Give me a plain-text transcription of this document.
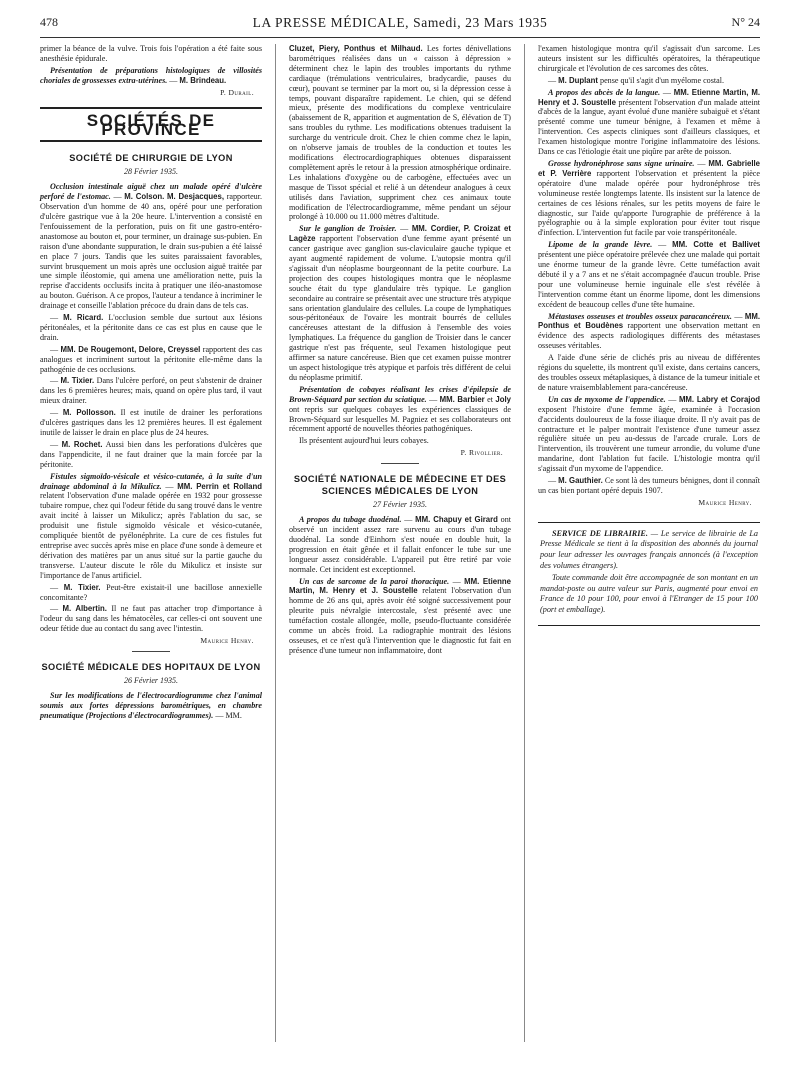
478	LA PRESSE MÉDICALE, Samedi, 23 Mars 1935	N° 24

primer la béance de la vulve. Trois fois l'opération a été faite sous anesthésie épidurale.

Présentation de préparations histologiques de villosités choriales de grossesses extra-utérines. — M. Brindeau.

P. Durail.

SOCIÉTÉS DE PROVINCE
SOCIÉTÉ DE CHIRURGIE DE LYON
28 Février 1935.

Occlusion intestinale aiguë chez un malade opéré d'ulcère perforé de l'estomac. — M. Colson. M. Desjacques, rapporteur. Observation d'un homme de 40 ans, opéré pour une perforation d'ulcère gastrique vue à la 20e heure. L'intervention a consisté en l'enfouissement de la perforation, puis on fit une gastro-entéro-anastomose au bouton et, pour terminer, un drainage sus-pubien. En raison d'une abondante suppuration, le drain sus-pubien a été laissé en place 7 jours. Tandis que les suites paraissaient favorables, survint brusquement un mois après une occlusion aiguë traitée par une simple iléostomie, qui amena une amélioration nette, puis la reprise d'accidents occlusifs incita à pratiquer une iléo-anastomose au bouton. Guérison. A ce propos, l'auteur a tendance à incriminer le drainage et conseille l'ablation précoce du drain dans de tels cas.

— M. Ricard. L'occlusion semble due surtout aux lésions péritonéales, et la péritonite dans ce cas est plus en cause que le drain.

— MM. De Rougemont, Delore, Creyssel rapportent des cas analogues et incriminent surtout la péritonite elle-même dans la pathogénie de ces occlusions.

— M. Tixier. Dans l'ulcère perforé, on peut s'abstenir de drainer dans les 6 premières heures; mais, quand on opère plus tard, il vaut mieux drainer.

— M. Pollosson. Il est inutile de drainer les perforations d'ulcères gastriques dans les 12 premières heures. Il est également inutile de laisser le drain en place plus de 24 heures.

— M. Rochet. Aussi bien dans les perforations d'ulcères que dans l'appendicite, il ne faut drainer que la main forcée par la péritonite.

Fistules sigmoïdo-vésicale et vésico-cutanée, à la suite d'un drainage abdominal à la Mikulicz. — MM. Perrin et Rolland relatent l'observation d'une malade opérée en 1932 pour grossesse tubaire rompue, chez qui l'odeur fétide du sang trouvé dans le ventre avait incité à laisser un Mikulicz; après l'ablation du sac, se produisit une fistule sigmoïdo vésicale et vésico-cutanée, compliquée bientôt de pyélonéphrite. La cure de ces fistules fut entreprise avec succès après mise en place d'une sonde à demeure et dérivation des matières par un anus situé sur la partie gauche du transverse. L'auteur discute le rôle du Mikulicz et insiste sur l'importance de l'anus artificiel.

— M. Tixier. Peut-être existait-il une bacillose annexielle concomitante?

— M. Albertin. Il ne faut pas attacher trop d'importance à l'odeur du sang dans les hématocèles, car celles-ci ont souvent une odeur fétide due au contact du sang avec l'intestin.

Maurice Henry.

SOCIÉTÉ MÉDICALE DES HOPITAUX DE LYON
26 Février 1935.

Sur les modifications de l'électrocardiogramme chez l'animal soumis aux fortes dépressions barométriques, en chambre pneumatique (Projections d'électrocardiogrammes). — MM.

Cluzet, Piery, Ponthus et Milhaud. Les fortes dénivellations barométriques réalisées dans un « caisson à dépression » déterminent chez le lapin des troubles importants du rythme cardiaque (trémulations ventriculaires, bradycardie, pauses du cœur), pouvant se terminer par la mort ou, si la dépression cesse à temps, pouvant disparaître rapidement. Le chien, qui se défend mieux, présente des modifications du complexe ventriculaire (abaissement de R, apparition et augmentation de S, élévation de T) sans troubles du rythme. Les modifications obtenues traduisent la surcharge du ventricule droit. Chez le chien comme chez le lapin, on n'observe jamais de troubles de la conduction et toutes les modifications électrocardiographiques obtenues disparaissent complètement après le retour à la pression atmosphérique ordinaire. Les inhalations d'oxygène ou de carbogène, effectuées avec un masque de Tissot spécial et relié à un détendeur analogues à ceux utilisés dans l'aviation, suppriment chez ces animaux toute modification de l'électrocardiogramme, même pendant un séjour prolongé à 10.000 ou 11.000 mètres d'altitude.

Sur le ganglion de Troisier. — MM. Cordier, P. Croizat et Lagèze rapportent l'observation d'une femme ayant présenté un cancer gastrique avec ganglion sus-claviculaire gauche typique et ayant augmenté rapidement de volume. L'autopsie montra qu'il s'agissait d'un néoplasme bourgeonnant de la petite courbure. La projection des coupes histologiques montra que le néoplasme souche était du type glandulaire très typique. Le ganglion secondaire au contraire se présentait avec une structure très atypique sans orientation glandulaire des cellules. La coupe de lymphatiques sous-péritonéaux de l'ovaire les montrait bourrés de cellules cancéreuses attestant de la diffusion à l'ensemble des voies lymphatiques. La fréquence du ganglion de Troisier dans le cancer gastrique n'est pas fréquente, seul l'examen histologique peut affirmer sa nature cancéreuse. Bien que cet examen puisse montrer un aspect histologique très atypique et parfois très différent de celui du néoplasme primitif.

Présentation de cobayes réalisant les crises d'épilepsie de Brown-Séquard par section du sciatique. — MM. Barbier et Joly ont repris sur quelques cobayes les expériences classiques de Brown-Séquard sur lesquelles M. Pagniez et ses collaborateurs ont récemment apporté de nouvelles théories pathogéniques.

Ils présentent aujourd'hui leurs cobayes.

P. Rivollier.

SOCIÉTÉ NATIONALE DE MÉDECINE ET DES SCIENCES MÉDICALES DE LYON
27 Février 1935.

A propos du tubage duodénal. — MM. Chapuy et Girard ont observé un incident assez rare survenu au cours d'un tubage duodénal. La sonde d'Einhorn s'est nouée en double huit, la progression en était gênée et il fallait enfoncer le tube sur une longueur assez considérable. L'appareil put être retiré par voie normale. Cet incident est exceptionnel.

Un cas de sarcome de la paroi thoracique. — MM. Etienne Martin, M. Henry et J. Soustelle relatent l'observation d'un homme de 26 ans qui, après avoir été soigné successivement pour pleurite puis névralgie intercostale, s'est présenté avec une tuméfaction costale allongée, molle, pseudo-fluctuante considérée comme un abcès froid. La radiographie montrait des lésions osseuses, et ce n'est qu'à l'intervention que le diagnostic fut fait en présence d'une tumeur non inflammatoire, dont

l'examen histologique montra qu'il s'agissait d'un sarcome. Les auteurs insistent sur les difficultés opératoires, la thérapeutique chirurgicale et l'évolution de ces sarcomes des côtes.

— M. Duplant pense qu'il s'agit d'un myélome costal.

A propos des abcès de la langue. — MM. Etienne Martin, M. Henry et J. Soustelle présentent l'observation d'un malade atteint d'abcès de la langue, ayant évolué d'une manière subaiguë et s'étant présenté comme une tumeur bénigne, à l'examen et même à l'intervention. Ces aspects cliniques sont d'ailleurs classiques, et l'examen histologique montre l'origine inflammatoire des lésions. Dans ce cas l'étiologie était une piqûre par arête de poisson.

Grosse hydronéphrose sans signe urinaire. — MM. Gabrielle et P. Verrière rapportent l'observation et présentent la pièce opératoire d'une malade opérée pour hydronéphrose très volumineuse restée longtemps latente. Ils insistent sur la latence de certaines de ces lésions rénales, sur les petits moyens de faire le diagnostic, sur l'aide qu'apporte l'urographie de préférence à la pyélographie ou à la simple exploration pour éviter tout risque d'infection. L'intervention fut facile par voie transpéritonéale.

Lipome de la grande lèvre. — MM. Cotte et Ballivet présentent une pièce opératoire prélevée chez une malade qui portait une énorme tumeur de la grande lèvre. Cette tuméfaction avait débuté il y a 7 ans et ne s'était accompagnée d'aucun trouble. Prise pour une volumineuse hernie inguinale elle s'est révélée à l'intervention comme étant un énorme lipome, dont les dimensions excédent de beaucoup celles d'une tête humaine.

Métastases osseuses et troubles osseux paracancéreux. — MM. Ponthus et Boudènes rapportent une observation mettant en évidence des aspects radiologiques différents des métastases osseuses véritables.

A l'aide d'une série de clichés pris au niveau de différentes régions du squelette, ils montrent qu'il existe, dans certains cancers, des troubles osseux métaplasiques, à distance de la tumeur initiale et de nature vraisemblablement para-cancéreuse.

Un cas de myxome de l'appendice. — MM. Labry et Corajod exposent l'histoire d'une femme âgée, examinée à l'occasion d'accidents douloureux de la fosse iliaque droite. Il n'y avait pas de contracture et le palper montrait l'existence d'une tumeur assez régulière située un peu au-dessus de l'arcade crurale. Lors de l'intervention, ils trouvèrent une tumeur arrondie, du volume d'une mandarine, dont l'ablation fut facile. L'histologie montra qu'il s'agissait d'un myxome de l'appendice.

— M. Gauthier. Ce sont là des tumeurs bénignes, dont il connaît un cas bien portant opéré depuis 1907.

Maurice Henry.

SERVICE DE LIBRAIRIE. — Le service de librairie de La Presse Médicale se tient à la disposition des abonnés du journal pour leur adresser les ouvrages français annoncés (à l'exception des volumes étrangers).

Toute commande doit être accompagnée de son montant en un mandat-poste ou autre valeur sur Paris, augmenté pour envoi en France de 10 pour 100, pour envoi à l'Etranger de 15 pour 100 (port et emballage).
